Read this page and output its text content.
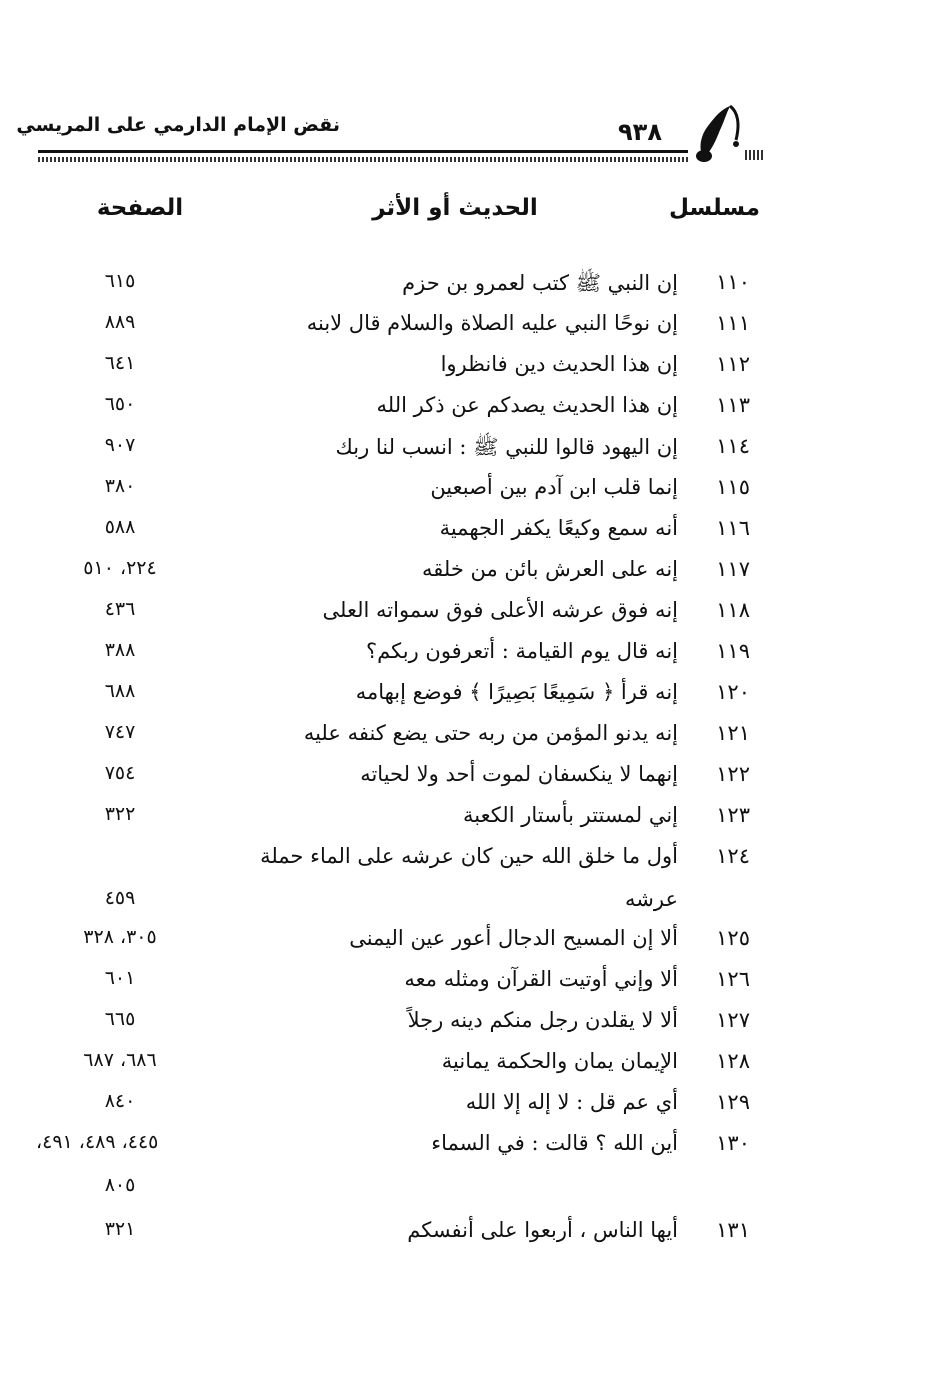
نقض الإمام الدارمي على المريسي	٩٣٨
مسلسل
الحديث أو الأثر
الصفحة
١١٠
إن النبي ﷺ كتب لعمرو بن حزم
٦١٥
١١١
إن نوحًا النبي عليه الصلاة والسلام قال لابنه
٨٨٩
١١٢
إن هذا الحديث دين فانظروا
٦٤١
١١٣
إن هذا الحديث يصدكم عن ذكر الله
٦٥٠
١١٤
إن اليهود قالوا للنبي ﷺ : انسب لنا ربك
٩٠٧
١١٥
إنما قلب ابن آدم بين أصبعين
٣٨٠
١١٦
أنه سمع وكيعًا يكفر الجهمية
٥٨٨
١١٧
إنه على العرش بائن من خلقه
٢٢٤، ٥١٠
١١٨
إنه فوق عرشه الأعلى فوق سمواته العلى
٤٣٦
١١٩
إنه قال يوم القيامة : أتعرفون ربكم؟
٣٨٨
١٢٠
إنه قرأ ﴿ سَمِيعًا بَصِيرًا ﴾ فوضع إبهامه
٦٨٨
١٢١
إنه يدنو المؤمن من ربه حتى يضع كنفه عليه
٧٤٧
١٢٢
إنهما لا ينكسفان لموت أحد ولا لحياته
٧٥٤
١٢٣
إني لمستتر بأستار الكعبة
٣٢٢
١٢٤
أول ما خلق الله حين كان عرشه على الماء حملة
عرشه
٤٥٩
١٢٥
ألا إن المسيح الدجال أعور عين اليمنى
٣٠٥، ٣٢٨
١٢٦
ألا وإني أوتيت القرآن ومثله معه
٦٠١
١٢٧
ألا لا يقلدن رجل منكم دينه رجلاً
٦٦٥
١٢٨
الإيمان يمان والحكمة يمانية
٦٨٦، ٦٨٧
١٢٩
أي عم قل : لا إله إلا الله
٨٤٠
١٣٠
أين الله ؟ قالت : في السماء
٤٤٥، ٤٨٩، ٤٩١،
٨٠٥
١٣١
أيها الناس ، أربعوا على أنفسكم
٣٢١
